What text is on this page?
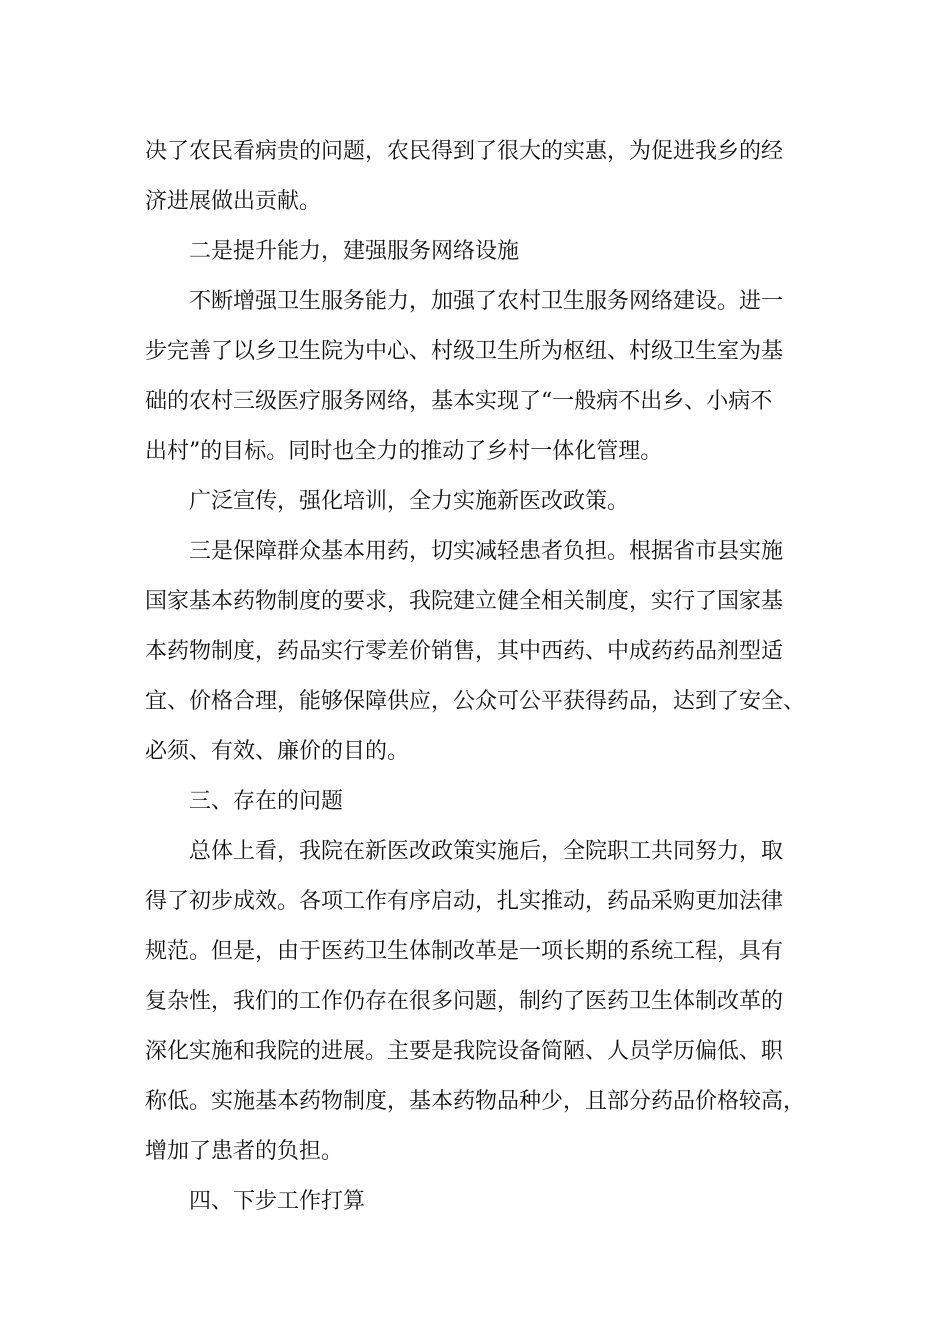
决了农民看病贵的问题，农民得到了很大的实惠，为促进我乡的经

济进展做出贡献。

二是提升能力，建强服务网络设施

不断增强卫生服务能力，加强了农村卫生服务网络建设。进一

步完善了以乡卫生院为中心、村级卫生所为枢纽、村级卫生室为基

础的农村三级医疗服务网络，基本实现了“一般病不出乡、小病不

出村”的目标。同时也全力的推动了乡村一体化管理。

广泛宣传，强化培训，全力实施新医改政策。

三是保障群众基本用药，切实减轻患者负担。根据省市县实施

国家基本药物制度的要求，我院建立健全相关制度，实行了国家基

本药物制度，药品实行零差价销售，其中西药、中成药药品剂型适

宜、价格合理，能够保障供应，公众可公平获得药品，达到了安全、

必须、有效、廉价的目的。

三、存在的问题

总体上看，我院在新医改政策实施后，全院职工共同努力，取

得了初步成效。各项工作有序启动，扎实推动，药品采购更加法律

规范。但是，由于医药卫生体制改革是一项长期的系统工程，具有

复杂性，我们的工作仍存在很多问题，制约了医药卫生体制改革的

深化实施和我院的进展。主要是我院设备简陋、人员学历偏低、职

称低。实施基本药物制度，基本药物品种少，且部分药品价格较高，

增加了患者的负担。

四、下步工作打算
